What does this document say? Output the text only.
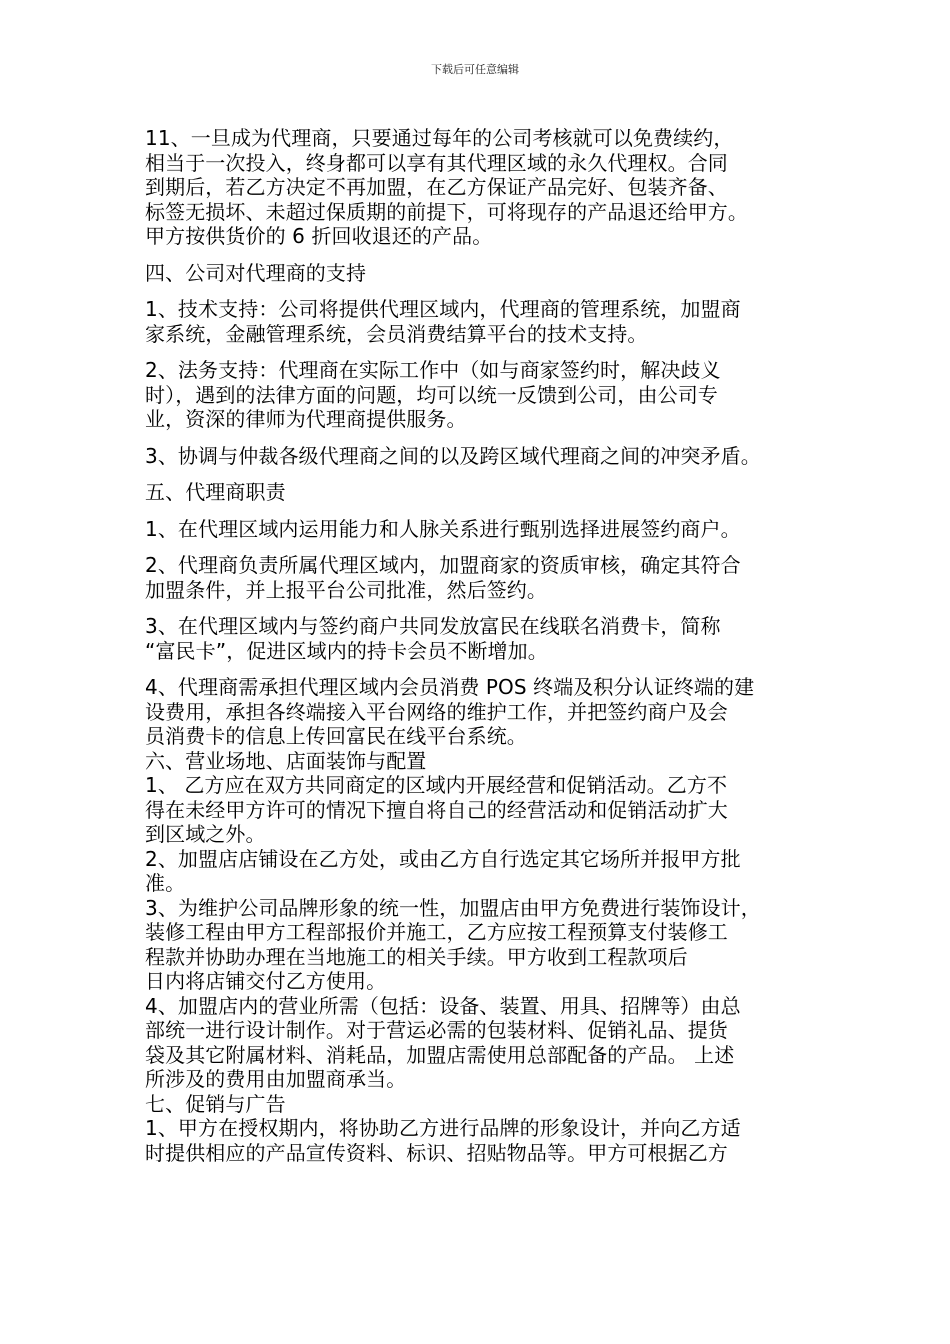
下载后可任意编辑
11、一旦成为代理商，只要通过每年的公司考核就可以免费续约，
相当于一次投入，终身都可以享有其代理区域的永久代理权。合同
到期后，若乙方决定不再加盟，在乙方保证产品完好、包装齐备、
标签无损坏、未超过保质期的前提下，可将现存的产品退还给甲方。
甲方按供货价的 6 折回收退还的产品。
四、公司对代理商的支持
1、技术支持：公司将提供代理区域内，代理商的管理系统，加盟商
家系统，金融管理系统，会员消费结算平台的技术支持。
2、法务支持：代理商在实际工作中（如与商家签约时，解决歧义
时），遇到的法律方面的问题，均可以统一反馈到公司，由公司专
业，资深的律师为代理商提供服务。
3、协调与仲裁各级代理商之间的以及跨区域代理商之间的冲突矛盾。
五、代理商职责
1、在代理区域内运用能力和人脉关系进行甄别选择进展签约商户。
2、代理商负责所属代理区域内，加盟商家的资质审核，确定其符合
加盟条件，并上报平台公司批准，然后签约。
3、在代理区域内与签约商户共同发放富民在线联名消费卡，简称
“富民卡”，促进区域内的持卡会员不断增加。
4、代理商需承担代理区域内会员消费 POS 终端及积分认证终端的建
设费用，承担各终端接入平台网络的维护工作，并把签约商户及会
员消费卡的信息上传回富民在线平台系统。
六、营业场地、店面装饰与配置
1、 乙方应在双方共同商定的区域内开展经营和促销活动。乙方不
得在未经甲方许可的情况下擅自将自己的经营活动和促销活动扩大
到区域之外。
2、加盟店店铺设在乙方处，或由乙方自行选定其它场所并报甲方批
准。
3、为维护公司品牌形象的统一性，加盟店由甲方免费进行装饰设计，
装修工程由甲方工程部报价并施工，乙方应按工程预算支付装修工
程款并协助办理在当地施工的相关手续。甲方收到工程款项后
日内将店铺交付乙方使用。
4、加盟店内的营业所需（包括：设备、装置、用具、招牌等）由总
部统一进行设计制作。对于营运必需的包装材料、促销礼品、提货
袋及其它附属材料、消耗品，加盟店需使用总部配备的产品。 上述
所涉及的费用由加盟商承当。
七、促销与广告
1、甲方在授权期内，将协助乙方进行品牌的形象设计，并向乙方适
时提供相应的产品宣传资料、标识、招贴物品等。甲方可根据乙方
